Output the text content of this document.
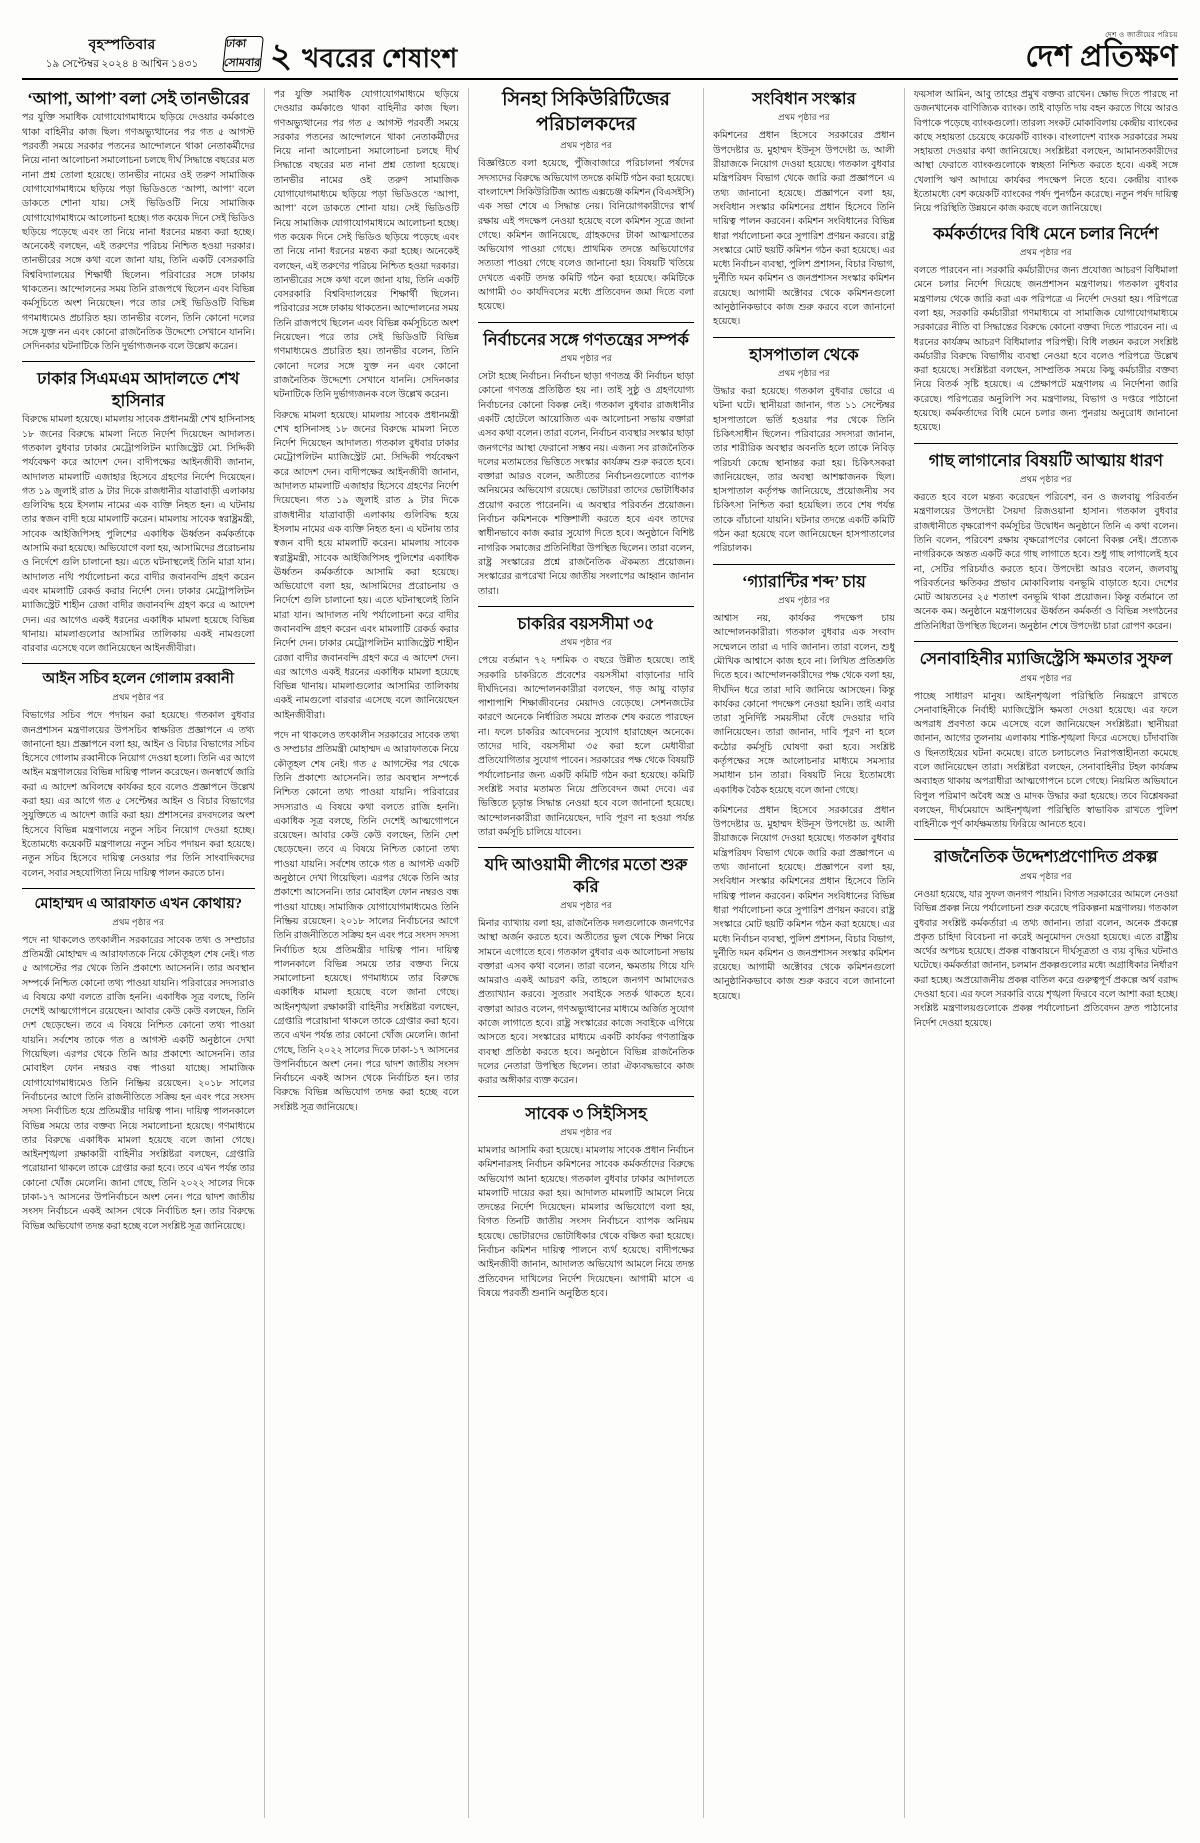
বৃহস্পতিবার
১৯ সেপ্টেম্বর ২০২৪ ৪ আশ্বিন ১৪৩১
ঢাকা সোমবার ২ খবরের শেষাংশ
দেশ ও জাতীয়ের পরিচয়
দেশ প্রতিক্ষণ
‘আপা, আপা’ বলা সেই তানভীরের

পর যুক্তি সমাধিক যোগাযোগমাধ্যমে ছড়িয়ে দেওয়ার কর্মকাণ্ডে থাকা বাহিনীর কাজ ছিল। গণঅভ্যুত্থানের পর গত ৫ আগস্ট পরবর্তী সময়ে সরকার পতনের আন্দোলনে থাকা নেতাকর্মীদের নিয়ে নানা আলোচনা সমালোচনা চলছে দীর্ঘ সিদ্ধান্তে বছরের মত নানা প্রশ্ন তোলা হয়েছে। তানভীর নামের ওই তরুণ সামাজিক যোগাযোগমাধ্যমে ছড়িয়ে পড়া ভিডিওতে ‘আপা, আপা’ বলে ডাকতে শোনা যায়। সেই ভিডিওটি নিয়ে সামাজিক যোগাযোগমাধ্যমে আলোচনা হচ্ছে। গত কয়েক দিনে সেই ভিডিও ছড়িয়ে পড়েছে এবং তা নিয়ে নানা ধরনের মন্তব্য করা হচ্ছে। অনেকেই বলছেন, এই তরুণের পরিচয় নিশ্চিত হওয়া দরকার। তানভীরের সঙ্গে কথা বলে জানা যায়, তিনি একটি বেসরকারি বিশ্ববিদ্যালয়ের শিক্ষার্থী ছিলেন। পরিবারের সঙ্গে ঢাকায় থাকতেন। আন্দোলনের সময় তিনি রাজপথে ছিলেন এবং বিভিন্ন কর্মসূচিতে অংশ নিয়েছেন। পরে তার সেই ভিডিওটি বিভিন্ন গণমাধ্যমেও প্রচারিত হয়। তানভীর বলেন, তিনি কোনো দলের সঙ্গে যুক্ত নন এবং কোনো রাজনৈতিক উদ্দেশ্যে সেখানে যাননি। সেদিনকার ঘটনাটিকে তিনি দুর্ভাগ্যজনক বলে উল্লেখ করেন।

ঢাকার সিএমএম আদালতে শেখ হাসিনার

বিরুদ্ধে মামলা হয়েছে। মামলায় সাবেক প্রধানমন্ত্রী শেখ হাসিনাসহ ১৮ জনের বিরুদ্ধে মামলা নিতে নির্দেশ দিয়েছেন আদালত। গতকাল বুধবার ঢাকার মেট্রোপলিটন ম্যাজিস্ট্রেট মো. সিদ্দিকী পর্যবেক্ষণ করে আদেশ দেন। বাদীপক্ষের আইনজীবী জানান, আদালত মামলাটি এজাহার হিসেবে গ্রহণের নির্দেশ দিয়েছেন। গত ১৯ জুলাই রাত ৯ টার দিকে রাজধানীর যাত্রাবাড়ী এলাকায় গুলিবিদ্ধ হয়ে ইসলাম নামের এক ব্যক্তি নিহত হন। এ ঘটনায় তার স্বজন বাদী হয়ে মামলাটি করেন। মামলায় সাবেক স্বরাষ্ট্রমন্ত্রী, সাবেক আইজিপিসহ পুলিশের একাধিক ঊর্ধ্বতন কর্মকর্তাকে আসামি করা হয়েছে। অভিযোগে বলা হয়, আসামিদের প্ররোচনায় ও নির্দেশে গুলি চালানো হয়। এতে ঘটনাস্থলেই তিনি মারা যান। আদালত নথি পর্যালোচনা করে বাদীর জবানবন্দি গ্রহণ করেন এবং মামলাটি রেকর্ড করার নির্দেশ দেন। ঢাকার মেট্রোপলিটন ম্যাজিস্ট্রেট শাহীন রেজা বাদীর জবানবন্দি গ্রহণ করে এ আদেশ দেন। এর আগেও একই ধরনের একাধিক মামলা হয়েছে বিভিন্ন থানায়। মামলাগুলোর আসামির তালিকায় একই নামগুলো বারবার এসেছে বলে জানিয়েছেন আইনজীবীরা।

আইন সচিব হলেন গোলাম রব্বানী
প্রথম পৃষ্ঠার পর

বিভাগের সচিব পদে পদায়ন করা হয়েছে। গতকাল বুধবার জনপ্রশাসন মন্ত্রণালয়ের উপসচিব স্বাক্ষরিত প্রজ্ঞাপনে এ তথ্য জানানো হয়। প্রজ্ঞাপনে বলা হয়, আইন ও বিচার বিভাগের সচিব হিসেবে গোলাম রব্বানীকে নিয়োগ দেওয়া হলো। তিনি এর আগে আইন মন্ত্রণালয়ের বিভিন্ন দায়িত্ব পালন করেছেন। জনস্বার্থে জারি করা এ আদেশ অবিলম্বে কার্যকর হবে বলেও প্রজ্ঞাপনে উল্লেখ করা হয়। এর আগে গত ৫ সেপ্টেম্বর আইন ও বিচার বিভাগের সুযুক্তিতে এ আদেশ জারি করা হয়। প্রশাসনের রদবদলের অংশ হিসেবে বিভিন্ন মন্ত্রণালয়ে নতুন সচিব নিয়োগ দেওয়া হচ্ছে। ইতোমধ্যে কয়েকটি মন্ত্রণালয়ে নতুন সচিব পদায়ন করা হয়েছে। নতুন সচিব হিসেবে দায়িত্ব নেওয়ার পর তিনি সাংবাদিকদের বলেন, সবার সহযোগিতা নিয়ে দায়িত্ব পালন করতে চান।

মোহাম্মদ এ আরাফাত এখন কোথায়?
প্রথম পৃষ্ঠার পর

পদে না থাকলেও তৎকালীন সরকারের সাবেক তথ্য ও সম্প্রচার প্রতিমন্ত্রী মোহাম্মদ এ আরাফাতকে নিয়ে কৌতূহল শেষ নেই। গত ৫ আগস্টের পর থেকে তিনি প্রকাশ্যে আসেননি। তার অবস্থান সম্পর্কে নিশ্চিত কোনো তথ্য পাওয়া যায়নি। পরিবারের সদস্যরাও এ বিষয়ে কথা বলতে রাজি হননি। একাধিক সূত্র বলছে, তিনি দেশেই আত্মগোপনে রয়েছেন। আবার কেউ কেউ বলছেন, তিনি দেশ ছেড়েছেন। তবে এ বিষয়ে নিশ্চিত কোনো তথ্য পাওয়া যায়নি। সর্বশেষ তাকে গত ৪ আগস্ট একটি অনুষ্ঠানে দেখা গিয়েছিল। এরপর থেকে তিনি আর প্রকাশ্যে আসেননি। তার মোবাইল ফোন নম্বরও বন্ধ পাওয়া যাচ্ছে। সামাজিক যোগাযোগমাধ্যমেও তিনি নিষ্ক্রিয় রয়েছেন। ২০১৮ সালের নির্বাচনের আগে তিনি রাজনীতিতে সক্রিয় হন এবং পরে সংসদ সদস্য নির্বাচিত হয়ে প্রতিমন্ত্রীর দায়িত্ব পান। দায়িত্ব পালনকালে বিভিন্ন সময়ে তার বক্তব্য নিয়ে সমালোচনা হয়েছে। গণমাধ্যমে তার বিরুদ্ধে একাধিক মামলা হয়েছে বলে জানা গেছে। আইনশৃঙ্খলা রক্ষাকারী বাহিনীর সংশ্লিষ্টরা বলছেন, গ্রেপ্তারি পরোয়ানা থাকলে তাকে গ্রেপ্তার করা হবে। তবে এখন পর্যন্ত তার কোনো খোঁজ মেলেনি। জানা গেছে, তিনি ২০২২ সালের দিকে ঢাকা-১৭ আসনের উপনির্বাচনে অংশ নেন। পরে দ্বাদশ জাতীয় সংসদ নির্বাচনে একই আসন থেকে নির্বাচিত হন। তার বিরুদ্ধে বিভিন্ন অভিযোগ তদন্ত করা হচ্ছে বলে সংশ্লিষ্ট সূত্র জানিয়েছে।

পর যুক্তি সমাধিক যোগাযোগমাধ্যমে ছড়িয়ে দেওয়ার কর্মকাণ্ডে থাকা বাহিনীর কাজ ছিল। গণঅভ্যুত্থানের পর গত ৫ আগস্ট পরবর্তী সময়ে সরকার পতনের আন্দোলনে থাকা নেতাকর্মীদের নিয়ে নানা আলোচনা সমালোচনা চলছে দীর্ঘ সিদ্ধান্তে বছরের মত নানা প্রশ্ন তোলা হয়েছে। তানভীর নামের ওই তরুণ সামাজিক যোগাযোগমাধ্যমে ছড়িয়ে পড়া ভিডিওতে ‘আপা, আপা’ বলে ডাকতে শোনা যায়। সেই ভিডিওটি নিয়ে সামাজিক যোগাযোগমাধ্যমে আলোচনা হচ্ছে। গত কয়েক দিনে সেই ভিডিও ছড়িয়ে পড়েছে এবং তা নিয়ে নানা ধরনের মন্তব্য করা হচ্ছে। অনেকেই বলছেন, এই তরুণের পরিচয় নিশ্চিত হওয়া দরকার। তানভীরের সঙ্গে কথা বলে জানা যায়, তিনি একটি বেসরকারি বিশ্ববিদ্যালয়ের শিক্ষার্থী ছিলেন। পরিবারের সঙ্গে ঢাকায় থাকতেন। আন্দোলনের সময় তিনি রাজপথে ছিলেন এবং বিভিন্ন কর্মসূচিতে অংশ নিয়েছেন। পরে তার সেই ভিডিওটি বিভিন্ন গণমাধ্যমেও প্রচারিত হয়। তানভীর বলেন, তিনি কোনো দলের সঙ্গে যুক্ত নন এবং কোনো রাজনৈতিক উদ্দেশ্যে সেখানে যাননি। সেদিনকার ঘটনাটিকে তিনি দুর্ভাগ্যজনক বলে উল্লেখ করেন।

বিরুদ্ধে মামলা হয়েছে। মামলায় সাবেক প্রধানমন্ত্রী শেখ হাসিনাসহ ১৮ জনের বিরুদ্ধে মামলা নিতে নির্দেশ দিয়েছেন আদালত। গতকাল বুধবার ঢাকার মেট্রোপলিটন ম্যাজিস্ট্রেট মো. সিদ্দিকী পর্যবেক্ষণ করে আদেশ দেন। বাদীপক্ষের আইনজীবী জানান, আদালত মামলাটি এজাহার হিসেবে গ্রহণের নির্দেশ দিয়েছেন। গত ১৯ জুলাই রাত ৯ টার দিকে রাজধানীর যাত্রাবাড়ী এলাকায় গুলিবিদ্ধ হয়ে ইসলাম নামের এক ব্যক্তি নিহত হন। এ ঘটনায় তার স্বজন বাদী হয়ে মামলাটি করেন। মামলায় সাবেক স্বরাষ্ট্রমন্ত্রী, সাবেক আইজিপিসহ পুলিশের একাধিক ঊর্ধ্বতন কর্মকর্তাকে আসামি করা হয়েছে। অভিযোগে বলা হয়, আসামিদের প্ররোচনায় ও নির্দেশে গুলি চালানো হয়। এতে ঘটনাস্থলেই তিনি মারা যান। আদালত নথি পর্যালোচনা করে বাদীর জবানবন্দি গ্রহণ করেন এবং মামলাটি রেকর্ড করার নির্দেশ দেন। ঢাকার মেট্রোপলিটন ম্যাজিস্ট্রেট শাহীন রেজা বাদীর জবানবন্দি গ্রহণ করে এ আদেশ দেন। এর আগেও একই ধরনের একাধিক মামলা হয়েছে বিভিন্ন থানায়। মামলাগুলোর আসামির তালিকায় একই নামগুলো বারবার এসেছে বলে জানিয়েছেন আইনজীবীরা।

পদে না থাকলেও তৎকালীন সরকারের সাবেক তথ্য ও সম্প্রচার প্রতিমন্ত্রী মোহাম্মদ এ আরাফাতকে নিয়ে কৌতূহল শেষ নেই। গত ৫ আগস্টের পর থেকে তিনি প্রকাশ্যে আসেননি। তার অবস্থান সম্পর্কে নিশ্চিত কোনো তথ্য পাওয়া যায়নি। পরিবারের সদস্যরাও এ বিষয়ে কথা বলতে রাজি হননি। একাধিক সূত্র বলছে, তিনি দেশেই আত্মগোপনে রয়েছেন। আবার কেউ কেউ বলছেন, তিনি দেশ ছেড়েছেন। তবে এ বিষয়ে নিশ্চিত কোনো তথ্য পাওয়া যায়নি। সর্বশেষ তাকে গত ৪ আগস্ট একটি অনুষ্ঠানে দেখা গিয়েছিল। এরপর থেকে তিনি আর প্রকাশ্যে আসেননি। তার মোবাইল ফোন নম্বরও বন্ধ পাওয়া যাচ্ছে। সামাজিক যোগাযোগমাধ্যমেও তিনি নিষ্ক্রিয় রয়েছেন। ২০১৮ সালের নির্বাচনের আগে তিনি রাজনীতিতে সক্রিয় হন এবং পরে সংসদ সদস্য নির্বাচিত হয়ে প্রতিমন্ত্রীর দায়িত্ব পান। দায়িত্ব পালনকালে বিভিন্ন সময়ে তার বক্তব্য নিয়ে সমালোচনা হয়েছে। গণমাধ্যমে তার বিরুদ্ধে একাধিক মামলা হয়েছে বলে জানা গেছে। আইনশৃঙ্খলা রক্ষাকারী বাহিনীর সংশ্লিষ্টরা বলছেন, গ্রেপ্তারি পরোয়ানা থাকলে তাকে গ্রেপ্তার করা হবে। তবে এখন পর্যন্ত তার কোনো খোঁজ মেলেনি। জানা গেছে, তিনি ২০২২ সালের দিকে ঢাকা-১৭ আসনের উপনির্বাচনে অংশ নেন। পরে দ্বাদশ জাতীয় সংসদ নির্বাচনে একই আসন থেকে নির্বাচিত হন। তার বিরুদ্ধে বিভিন্ন অভিযোগ তদন্ত করা হচ্ছে বলে সংশ্লিষ্ট সূত্র জানিয়েছে।

সিনহা সিকিউরিটিজের পরিচালকদের
প্রথম পৃষ্ঠার পর

বিজ্ঞপ্তিতে বলা হয়েছে, পুঁজিবাজারে পরিচালনা পর্ষদের সদস্যদের বিরুদ্ধে অভিযোগ তদন্তে কমিটি গঠন করা হয়েছে। বাংলাদেশ সিকিউরিটিজ অ্যান্ড এক্সচেঞ্জ কমিশন (বিএসইসি) এক সভা শেষে এ সিদ্ধান্ত নেয়। বিনিয়োগকারীদের স্বার্থ রক্ষায় এই পদক্ষেপ নেওয়া হয়েছে বলে কমিশন সূত্রে জানা গেছে। কমিশন জানিয়েছে, গ্রাহকদের টাকা আত্মসাতের অভিযোগ পাওয়া গেছে। প্রাথমিক তদন্তে অভিযোগের সত্যতা পাওয়া গেছে বলেও জানানো হয়। বিষয়টি খতিয়ে দেখতে একটি তদন্ত কমিটি গঠন করা হয়েছে। কমিটিকে আগামী ৩০ কার্যদিবসের মধ্যে প্রতিবেদন জমা দিতে বলা হয়েছে।

নির্বাচনের সঙ্গে গণতন্ত্রের সম্পর্ক
প্রথম পৃষ্ঠার পর

সেটা হচ্ছে নির্বাচন। নির্বাচন ছাড়া গণতন্ত্র কী নির্বাচন ছাড়া কোনো গণতন্ত্র প্রতিষ্ঠিত হয় না। তাই সুষ্ঠু ও গ্রহণযোগ্য নির্বাচনের কোনো বিকল্প নেই। গতকাল বুধবার রাজধানীর একটি হোটেলে আয়োজিত এক আলোচনা সভায় বক্তারা এসব কথা বলেন। তারা বলেন, নির্বাচন ব্যবস্থার সংস্কার ছাড়া জনগণের আস্থা ফেরানো সম্ভব নয়। এজন্য সব রাজনৈতিক দলের মতামতের ভিত্তিতে সংস্কার কার্যক্রম শুরু করতে হবে। বক্তারা আরও বলেন, অতীতের নির্বাচনগুলোতে ব্যাপক অনিয়মের অভিযোগ রয়েছে। ভোটাররা তাদের ভোটাধিকার প্রয়োগ করতে পারেননি। এ অবস্থার পরিবর্তন প্রয়োজন। নির্বাচন কমিশনকে শক্তিশালী করতে হবে এবং তাদের স্বাধীনভাবে কাজ করার সুযোগ দিতে হবে। অনুষ্ঠানে বিশিষ্ট নাগরিক সমাজের প্রতিনিধিরা উপস্থিত ছিলেন। তারা বলেন, রাষ্ট্র সংস্কারের প্রশ্নে রাজনৈতিক ঐকমত্য প্রয়োজন। সংস্কারের রূপরেখা নিয়ে জাতীয় সংলাপের আহ্বান জানান তারা।

চাকরির বয়সসীমা ৩৫
প্রথম পৃষ্ঠার পর

পেয়ে বর্তমান ৭২ দশমিক ৩ বছরে উন্নীত হয়েছে। তাই সরকারি চাকরিতে প্রবেশের বয়সসীমা বাড়ানোর দাবি দীর্ঘদিনের। আন্দোলনকারীরা বলছেন, গড় আয়ু বাড়ার পাশাপাশি শিক্ষাজীবনের মেয়াদও বেড়েছে। সেশনজটের কারণে অনেকে নির্ধারিত সময়ে স্নাতক শেষ করতে পারছেন না। ফলে চাকরির আবেদনের সুযোগ হারাচ্ছেন অনেকে। তাদের দাবি, বয়সসীমা ৩৫ করা হলে মেধাবীরা প্রতিযোগিতার সুযোগ পাবেন। সরকারের পক্ষ থেকে বিষয়টি পর্যালোচনার জন্য একটি কমিটি গঠন করা হয়েছে। কমিটি সংশ্লিষ্ট সবার মতামত নিয়ে প্রতিবেদন জমা দেবে। এর ভিত্তিতে চূড়ান্ত সিদ্ধান্ত নেওয়া হবে বলে জানানো হয়েছে। আন্দোলনকারীরা জানিয়েছেন, দাবি পূরণ না হওয়া পর্যন্ত তারা কর্মসূচি চালিয়ে যাবেন।

যদি আওয়ামী লীগের মতো শুরু করি
প্রথম পৃষ্ঠার পর

মিনার ব্যাখ্যায় বলা হয়, রাজনৈতিক দলগুলোকে জনগণের আস্থা অর্জন করতে হবে। অতীতের ভুল থেকে শিক্ষা নিয়ে সামনে এগোতে হবে। গতকাল বুধবার এক আলোচনা সভায় বক্তারা এসব কথা বলেন। তারা বলেন, ক্ষমতায় গিয়ে যদি আমরাও একই আচরণ করি, তাহলে জনগণ আমাদেরও প্রত্যাখ্যান করবে। সুতরাং সবাইকে সতর্ক থাকতে হবে। বক্তারা আরও বলেন, গণঅভ্যুত্থানের মাধ্যমে অর্জিত সুযোগ কাজে লাগাতে হবে। রাষ্ট্র সংস্কারের কাজে সবাইকে এগিয়ে আসতে হবে। সংস্কারের মাধ্যমে একটি কার্যকর গণতান্ত্রিক ব্যবস্থা প্রতিষ্ঠা করতে হবে। অনুষ্ঠানে বিভিন্ন রাজনৈতিক দলের নেতারা উপস্থিত ছিলেন। তারা ঐক্যবদ্ধভাবে কাজ করার অঙ্গীকার ব্যক্ত করেন।

সাবেক ৩ সিইসিসহ
প্রথম পৃষ্ঠার পর

মামলার আসামি করা হয়েছে। মামলায় সাবেক প্রধান নির্বাচন কমিশনারসহ নির্বাচন কমিশনের সাবেক কর্মকর্তাদের বিরুদ্ধে অভিযোগ আনা হয়েছে। গতকাল বুধবার ঢাকার আদালতে মামলাটি দায়ের করা হয়। আদালত মামলাটি আমলে নিয়ে তদন্তের নির্দেশ দিয়েছেন। মামলার অভিযোগে বলা হয়, বিগত তিনটি জাতীয় সংসদ নির্বাচনে ব্যাপক অনিয়ম হয়েছে। ভোটারদের ভোটাধিকার থেকে বঞ্চিত করা হয়েছে। নির্বাচন কমিশন দায়িত্ব পালনে ব্যর্থ হয়েছে। বাদীপক্ষের আইনজীবী জানান, আদালত অভিযোগ আমলে নিয়ে তদন্ত প্রতিবেদন দাখিলের নির্দেশ দিয়েছেন। আগামী মাসে এ বিষয়ে পরবর্তী শুনানি অনুষ্ঠিত হবে।

সংবিধান সংস্কার
প্রথম পৃষ্ঠার পর

কমিশনের প্রধান হিসেবে সরকারের প্রধান উপদেষ্টার ড. মুহাম্মদ ইউনূস উপদেষ্টা ড. আলী রীয়াজকে নিয়োগ দেওয়া হয়েছে। গতকাল বুধবার মন্ত্রিপরিষদ বিভাগ থেকে জারি করা প্রজ্ঞাপনে এ তথ্য জানানো হয়েছে। প্রজ্ঞাপনে বলা হয়, সংবিধান সংস্কার কমিশনের প্রধান হিসেবে তিনি দায়িত্ব পালন করবেন। কমিশন সংবিধানের বিভিন্ন ধারা পর্যালোচনা করে সুপারিশ প্রণয়ন করবে। রাষ্ট্র সংস্কারে মোট ছয়টি কমিশন গঠন করা হয়েছে। এর মধ্যে নির্বাচন ব্যবস্থা, পুলিশ প্রশাসন, বিচার বিভাগ, দুর্নীতি দমন কমিশন ও জনপ্রশাসন সংস্কার কমিশন রয়েছে। আগামী অক্টোবর থেকে কমিশনগুলো আনুষ্ঠানিকভাবে কাজ শুরু করবে বলে জানানো হয়েছে।

হাসপাতাল থেকে
প্রথম পৃষ্ঠার পর

উদ্ধার করা হয়েছে। গতকাল বুধবার ভোরে এ ঘটনা ঘটে। স্থানীয়রা জানান, গত ১১ সেপ্টেম্বর হাসপাতালে ভর্তি হওয়ার পর থেকে তিনি চিকিৎসাধীন ছিলেন। পরিবারের সদস্যরা জানান, তার শারীরিক অবস্থার অবনতি হলে তাকে নিবিড় পরিচর্যা কেন্দ্রে স্থানান্তর করা হয়। চিকিৎসকরা জানিয়েছেন, তার অবস্থা আশঙ্কাজনক ছিল। হাসপাতাল কর্তৃপক্ষ জানিয়েছে, প্রয়োজনীয় সব চিকিৎসা নিশ্চিত করা হয়েছিল। তবে শেষ পর্যন্ত তাকে বাঁচানো যায়নি। ঘটনার তদন্তে একটি কমিটি গঠন করা হয়েছে বলে জানিয়েছেন হাসপাতালের পরিচালক।

‘গ্যারান্টির শব্দ’ চায়
প্রথম পৃষ্ঠার পর

আশ্বাস নয়, কার্যকর পদক্ষেপ চায় আন্দোলনকারীরা। গতকাল বুধবার এক সংবাদ সম্মেলনে তারা এ দাবি জানান। তারা বলেন, শুধু মৌখিক আশ্বাসে কাজ হবে না। লিখিত প্রতিশ্রুতি দিতে হবে। আন্দোলনকারীদের পক্ষ থেকে বলা হয়, দীর্ঘদিন ধরে তারা দাবি জানিয়ে আসছেন। কিন্তু কার্যকর কোনো পদক্ষেপ নেওয়া হয়নি। তাই এবার তারা সুনির্দিষ্ট সময়সীমা বেঁধে দেওয়ার দাবি জানিয়েছেন। তারা জানান, দাবি পূরণ না হলে কঠোর কর্মসূচি ঘোষণা করা হবে। সংশ্লিষ্ট কর্তৃপক্ষের সঙ্গে আলোচনার মাধ্যমে সমস্যার সমাধান চান তারা। বিষয়টি নিয়ে ইতোমধ্যে একাধিক বৈঠক হয়েছে বলে জানা গেছে।

কমিশনের প্রধান হিসেবে সরকারের প্রধান উপদেষ্টার ড. মুহাম্মদ ইউনূস উপদেষ্টা ড. আলী রীয়াজকে নিয়োগ দেওয়া হয়েছে। গতকাল বুধবার মন্ত্রিপরিষদ বিভাগ থেকে জারি করা প্রজ্ঞাপনে এ তথ্য জানানো হয়েছে। প্রজ্ঞাপনে বলা হয়, সংবিধান সংস্কার কমিশনের প্রধান হিসেবে তিনি দায়িত্ব পালন করবেন। কমিশন সংবিধানের বিভিন্ন ধারা পর্যালোচনা করে সুপারিশ প্রণয়ন করবে। রাষ্ট্র সংস্কারে মোট ছয়টি কমিশন গঠন করা হয়েছে। এর মধ্যে নির্বাচন ব্যবস্থা, পুলিশ প্রশাসন, বিচার বিভাগ, দুর্নীতি দমন কমিশন ও জনপ্রশাসন সংস্কার কমিশন রয়েছে। আগামী অক্টোবর থেকে কমিশনগুলো আনুষ্ঠানিকভাবে কাজ শুরু করবে বলে জানানো হয়েছে।

ফয়সাল আমিন, আবু তাহের প্রমুখ বক্তব্য রাখেন। ক্ষোভ দিতে পারছে না ডজনখানেক বাণিজ্যিক ব্যাংক। তাই বাড়তি দায় বহন করতে গিয়ে আরও বিপাকে পড়েছে ব্যাংকগুলো। তারল্য সংকট মোকাবিলায় কেন্দ্রীয় ব্যাংকের কাছে সহায়তা চেয়েছে কয়েকটি ব্যাংক। বাংলাদেশ ব্যাংক সরকারের সময় সহায়তা দেওয়ার কথা জানিয়েছে। সংশ্লিষ্টরা বলছেন, আমানতকারীদের আস্থা ফেরাতে ব্যাংকগুলোকে স্বচ্ছতা নিশ্চিত করতে হবে। একই সঙ্গে খেলাপি ঋণ আদায়ে কার্যকর পদক্ষেপ নিতে হবে। কেন্দ্রীয় ব্যাংক ইতোমধ্যে বেশ কয়েকটি ব্যাংকের পর্ষদ পুনর্গঠন করেছে। নতুন পর্ষদ দায়িত্ব নিয়ে পরিস্থিতি উন্নয়নে কাজ করছে বলে জানিয়েছে।

কর্মকর্তাদের বিধি মেনে চলার নির্দেশ
প্রথম পৃষ্ঠার পর

বলতে পারবেন না। সরকারি কর্মচারীদের জন্য প্রযোজ্য আচরণ বিধিমালা মেনে চলার নির্দেশ দিয়েছে জনপ্রশাসন মন্ত্রণালয়। গতকাল বুধবার মন্ত্রণালয় থেকে জারি করা এক পরিপত্রে এ নির্দেশ দেওয়া হয়। পরিপত্রে বলা হয়, সরকারি কর্মচারীরা গণমাধ্যমে বা সামাজিক যোগাযোগমাধ্যমে সরকারের নীতি বা সিদ্ধান্তের বিরুদ্ধে কোনো বক্তব্য দিতে পারবেন না। এ ধরনের কার্যক্রম আচরণ বিধিমালার পরিপন্থী। বিধি লঙ্ঘন করলে সংশ্লিষ্ট কর্মচারীর বিরুদ্ধে বিভাগীয় ব্যবস্থা নেওয়া হবে বলেও পরিপত্রে উল্লেখ করা হয়েছে। সংশ্লিষ্টরা বলছেন, সাম্প্রতিক সময়ে কিছু কর্মচারীর বক্তব্য নিয়ে বিতর্ক সৃষ্টি হয়েছে। এ প্রেক্ষাপটে মন্ত্রণালয় এ নির্দেশনা জারি করেছে। পরিপত্রের অনুলিপি সব মন্ত্রণালয়, বিভাগ ও দপ্তরে পাঠানো হয়েছে। কর্মকর্তাদের বিধি মেনে চলার জন্য পুনরায় অনুরোধ জানানো হয়েছে।

গাছ লাগানোর বিষয়টি আত্মায় ধারণ
প্রথম পৃষ্ঠার পর

করতে হবে বলে মন্তব্য করেছেন পরিবেশ, বন ও জলবায়ু পরিবর্তন মন্ত্রণালয়ের উপদেষ্টা সৈয়দা রিজওয়ানা হাসান। গতকাল বুধবার রাজধানীতে বৃক্ষরোপণ কর্মসূচির উদ্বোধন অনুষ্ঠানে তিনি এ কথা বলেন। তিনি বলেন, পরিবেশ রক্ষায় বৃক্ষরোপণের কোনো বিকল্প নেই। প্রত্যেক নাগরিককে অন্তত একটি করে গাছ লাগাতে হবে। শুধু গাছ লাগালেই হবে না, সেটির পরিচর্যাও করতে হবে। উপদেষ্টা আরও বলেন, জলবায়ু পরিবর্তনের ক্ষতিকর প্রভাব মোকাবিলায় বনভূমি বাড়াতে হবে। দেশের মোট আয়তনের ২৫ শতাংশ বনভূমি থাকা প্রয়োজন। কিন্তু বর্তমানে তা অনেক কম। অনুষ্ঠানে মন্ত্রণালয়ের ঊর্ধ্বতন কর্মকর্তা ও বিভিন্ন সংগঠনের প্রতিনিধিরা উপস্থিত ছিলেন। অনুষ্ঠান শেষে উপদেষ্টা চারা রোপণ করেন।

সেনাবাহিনীর ম্যাজিস্ট্রেসি ক্ষমতার সুফল
প্রথম পৃষ্ঠার পর

পাচ্ছে সাধারণ মানুষ। আইনশৃঙ্খলা পরিস্থিতি নিয়ন্ত্রণে রাখতে সেনাবাহিনীকে নির্বাহী ম্যাজিস্ট্রেসি ক্ষমতা দেওয়া হয়েছে। এর ফলে অপরাধ প্রবণতা কমে এসেছে বলে জানিয়েছেন সংশ্লিষ্টরা। স্থানীয়রা জানান, আগের তুলনায় এলাকায় শান্তি-শৃঙ্খলা ফিরে এসেছে। চাঁদাবাজি ও ছিনতাইয়ের ঘটনা কমেছে। রাতে চলাচলেও নিরাপত্তাহীনতা কমেছে বলে জানিয়েছেন তারা। সংশ্লিষ্টরা বলছেন, সেনাবাহিনীর টহল কার্যক্রম অব্যাহত থাকায় অপরাধীরা আত্মগোপনে চলে গেছে। নিয়মিত অভিযানে বিপুল পরিমাণ অবৈধ অস্ত্র ও মাদক উদ্ধার করা হয়েছে। তবে বিশ্লেষকরা বলছেন, দীর্ঘমেয়াদে আইনশৃঙ্খলা পরিস্থিতি স্বাভাবিক রাখতে পুলিশ বাহিনীকে পূর্ণ কার্যক্ষমতায় ফিরিয়ে আনতে হবে।

রাজনৈতিক উদ্দেশ্যপ্রণোদিত প্রকল্প
প্রথম পৃষ্ঠার পর

নেওয়া হয়েছে, যার সুফল জনগণ পায়নি। বিগত সরকারের আমলে নেওয়া বিভিন্ন প্রকল্প নিয়ে পর্যালোচনা শুরু করেছে পরিকল্পনা মন্ত্রণালয়। গতকাল বুধবার সংশ্লিষ্ট কর্মকর্তারা এ তথ্য জানান। তারা বলেন, অনেক প্রকল্পে প্রকৃত চাহিদা বিবেচনা না করেই অনুমোদন দেওয়া হয়েছে। এতে রাষ্ট্রীয় অর্থের অপচয় হয়েছে। প্রকল্প বাস্তবায়নে দীর্ঘসূত্রতা ও ব্যয় বৃদ্ধির ঘটনাও ঘটেছে। কর্মকর্তারা জানান, চলমান প্রকল্পগুলোর মধ্যে অগ্রাধিকার নির্ধারণ করা হচ্ছে। অপ্রয়োজনীয় প্রকল্প বাতিল করে গুরুত্বপূর্ণ প্রকল্পে অর্থ বরাদ্দ দেওয়া হবে। এর ফলে সরকারি ব্যয়ে শৃঙ্খলা ফিরবে বলে আশা করা হচ্ছে। সংশ্লিষ্ট মন্ত্রণালয়গুলোকে প্রকল্প পর্যালোচনা প্রতিবেদন দ্রুত পাঠানোর নির্দেশ দেওয়া হয়েছে।
